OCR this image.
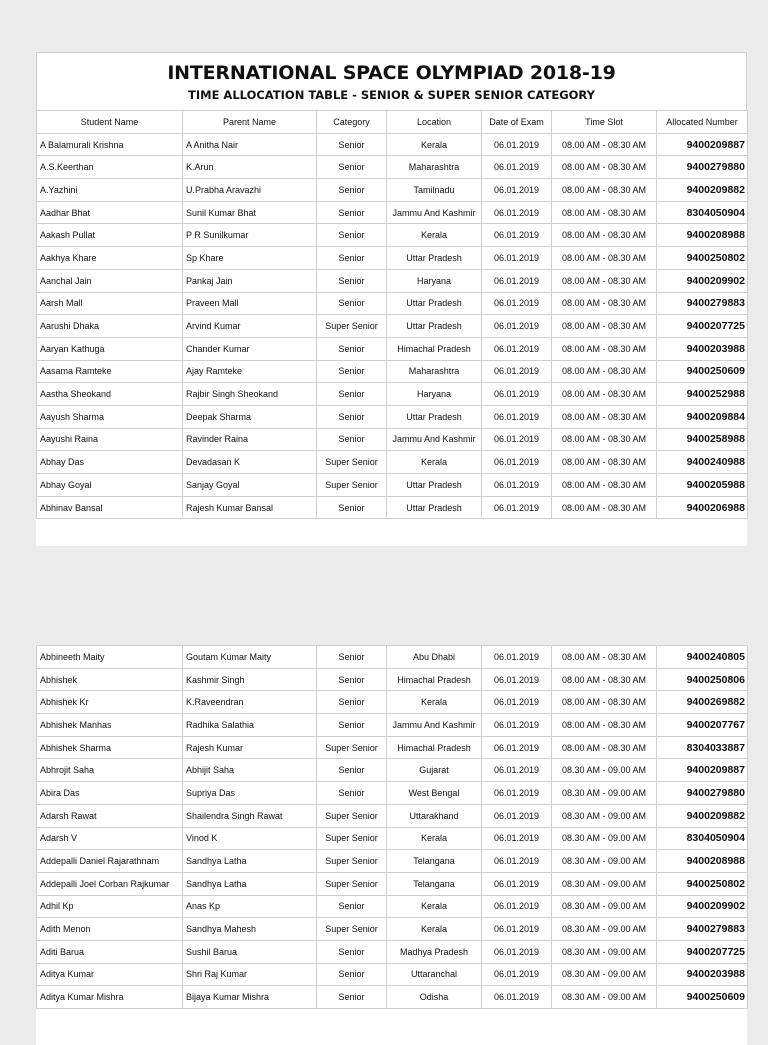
INTERNATIONAL SPACE OLYMPIAD 2018-19
TIME ALLOCATION TABLE - SENIOR & SUPER SENIOR CATEGORY
Student Name	Parent Name	Category	Location	Date of Exam	Time Slot	Allocated Number
A Balamurali Krishna	A Anitha Nair	Senior	Kerala	06.01.2019	08.00 AM - 08.30 AM	9400209887
A.S.Keerthan	K.Arun	Senior	Maharashtra	06.01.2019	08.00 AM - 08.30 AM	9400279880
A.Yazhini	U.Prabha Aravazhi	Senior	Tamilnadu	06.01.2019	08.00 AM - 08.30 AM	9400209882
Aadhar Bhat	Sunil Kumar Bhat	Senior	Jammu And Kashmir	06.01.2019	08.00 AM - 08.30 AM	8304050904
Aakash Pullat	P R Sunilkumar	Senior	Kerala	06.01.2019	08.00 AM - 08.30 AM	9400208988
Aakhya Khare	Sp Khare	Senior	Uttar Pradesh	06.01.2019	08.00 AM - 08.30 AM	9400250802
Aanchal Jain	Pankaj Jain	Senior	Haryana	06.01.2019	08.00 AM - 08.30 AM	9400209902
Aarsh Mall	Praveen Mall	Senior	Uttar Pradesh	06.01.2019	08.00 AM - 08.30 AM	9400279883
Aarushi Dhaka	Arvind Kumar	Super Senior	Uttar Pradesh	06.01.2019	08.00 AM - 08.30 AM	9400207725
Aaryan Kathuga	Chander Kumar	Senior	Himachal Pradesh	06.01.2019	08.00 AM - 08.30 AM	9400203988
Aasama Ramteke	Ajay Ramteke	Senior	Maharashtra	06.01.2019	08.00 AM - 08.30 AM	9400250609
Aastha Sheokand	Rajbir Singh Sheokand	Senior	Haryana	06.01.2019	08.00 AM - 08.30 AM	9400252988
Aayush Sharma	Deepak Sharma	Senior	Uttar Pradesh	06.01.2019	08.00 AM - 08.30 AM	9400209884
Aayushi Raina	Ravinder Raina	Senior	Jammu And Kashmir	06.01.2019	08.00 AM - 08.30 AM	9400258988
Abhay Das	Devadasan K	Super Senior	Kerala	06.01.2019	08.00 AM - 08.30 AM	9400240988
Abhay Goyal	Sanjay Goyal	Super Senior	Uttar Pradesh	06.01.2019	08.00 AM - 08.30 AM	9400205988
Abhinav Bansal	Rajesh Kumar Bansal	Senior	Uttar Pradesh	06.01.2019	08.00 AM - 08.30 AM	9400206988
Abhineeth Maity	Goutam Kumar Maity	Senior	Abu Dhabi	06.01.2019	08.00 AM - 08.30 AM	9400240805
Abhishek	Kashmir Singh	Senior	Himachal Pradesh	06.01.2019	08.00 AM - 08.30 AM	9400250806
Abhishek Kr	K.Raveendran	Senior	Kerala	06.01.2019	08.00 AM - 08.30 AM	9400269882
Abhishek Manhas	Radhika Salathia	Senior	Jammu And Kashmir	06.01.2019	08.00 AM - 08.30 AM	9400207767
Abhishek Sharma	Rajesh Kumar	Super Senior	Himachal Pradesh	06.01.2019	08.00 AM - 08.30 AM	8304033887
Abhrojit Saha	Abhijit Saha	Senior	Gujarat	06.01.2019	08.30 AM - 09.00 AM	9400209887
Abira Das	Supriya Das	Senior	West Bengal	06.01.2019	08.30 AM - 09.00 AM	9400279880
Adarsh Rawat	Shailendra Singh Rawat	Super Senior	Uttarakhand	06.01.2019	08.30 AM - 09.00 AM	9400209882
Adarsh V	Vinod K	Super Senior	Kerala	06.01.2019	08.30 AM - 09.00 AM	8304050904
Addepalli Daniel Rajarathnam	Sandhya Latha	Super Senior	Telangana	06.01.2019	08.30 AM - 09.00 AM	9400208988
Addepalli Joel Corban Rajkumar	Sandhya Latha	Super Senior	Telangana	06.01.2019	08.30 AM - 09.00 AM	9400250802
Adhil Kp	Anas Kp	Senior	Kerala	06.01.2019	08.30 AM - 09.00 AM	9400209902
Adith Menon	Sandhya Mahesh	Super Senior	Kerala	06.01.2019	08.30 AM - 09.00 AM	9400279883
Aditi Barua	Sushil Barua	Senior	Madhya Pradesh	06.01.2019	08.30 AM - 09.00 AM	9400207725
Aditya Kumar	Shri Raj Kumar	Senior	Uttaranchal	06.01.2019	08.30 AM - 09.00 AM	9400203988
Aditya Kumar Mishra	Bijaya Kumar Mishra	Senior	Odisha	06.01.2019	08.30 AM - 09.00 AM	9400250609
